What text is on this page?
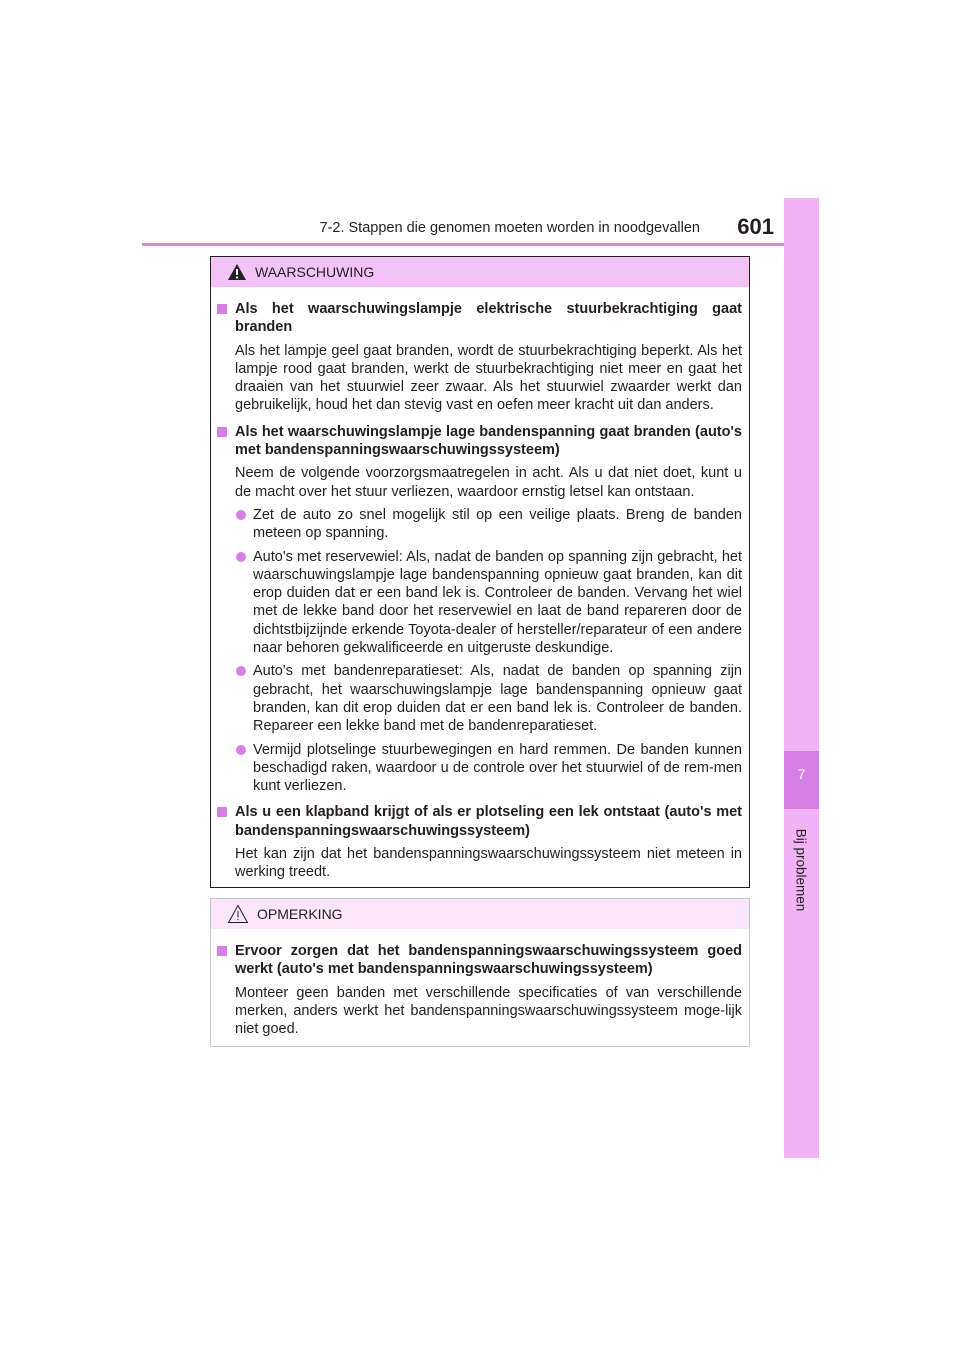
7-2. Stappen die genomen moeten worden in noodgevallen	601
7
Bij problemen
WAARSCHUWING
Als het waarschuwingslampje elektrische stuurbekrachtiging gaat branden
Als het lampje geel gaat branden, wordt de stuurbekrachtiging beperkt. Als het lampje rood gaat branden, werkt de stuurbekrachtiging niet meer en gaat het draaien van het stuurwiel zeer zwaar. Als het stuurwiel zwaarder werkt dan gebruikelijk, houd het dan stevig vast en oefen meer kracht uit dan anders.
Als het waarschuwingslampje lage bandenspanning gaat branden (auto's met bandenspanningswaarschuwingssysteem)
Neem de volgende voorzorgsmaatregelen in acht. Als u dat niet doet, kunt u de macht over het stuur verliezen, waardoor ernstig letsel kan ontstaan.
Zet de auto zo snel mogelijk stil op een veilige plaats. Breng de banden meteen op spanning.
Auto's met reservewiel: Als, nadat de banden op spanning zijn gebracht, het waarschuwingslampje lage bandenspanning opnieuw gaat branden, kan dit erop duiden dat er een band lek is. Controleer de banden. Vervang het wiel met de lekke band door het reservewiel en laat de band repareren door de dichtstbijzijnde erkende Toyota-dealer of hersteller/reparateur of een andere naar behoren gekwalificeerde en uitgeruste deskundige.
Auto's met bandenreparatieset: Als, nadat de banden op spanning zijn gebracht, het waarschuwingslampje lage bandenspanning opnieuw gaat branden, kan dit erop duiden dat er een band lek is. Controleer de banden. Repareer een lekke band met de bandenreparatieset.
Vermijd plotselinge stuurbewegingen en hard remmen. De banden kunnen beschadigd raken, waardoor u de controle over het stuurwiel of de rem-men kunt verliezen.
Als u een klapband krijgt of als er plotseling een lek ontstaat (auto's met bandenspanningswaarschuwingssysteem)
Het kan zijn dat het bandenspanningswaarschuwingssysteem niet meteen in werking treedt.
OPMERKING
Ervoor zorgen dat het bandenspanningswaarschuwingssysteem goed werkt (auto's met bandenspanningswaarschuwingssysteem)
Monteer geen banden met verschillende specificaties of van verschillende merken, anders werkt het bandenspanningswaarschuwingssysteem moge-lijk niet goed.
